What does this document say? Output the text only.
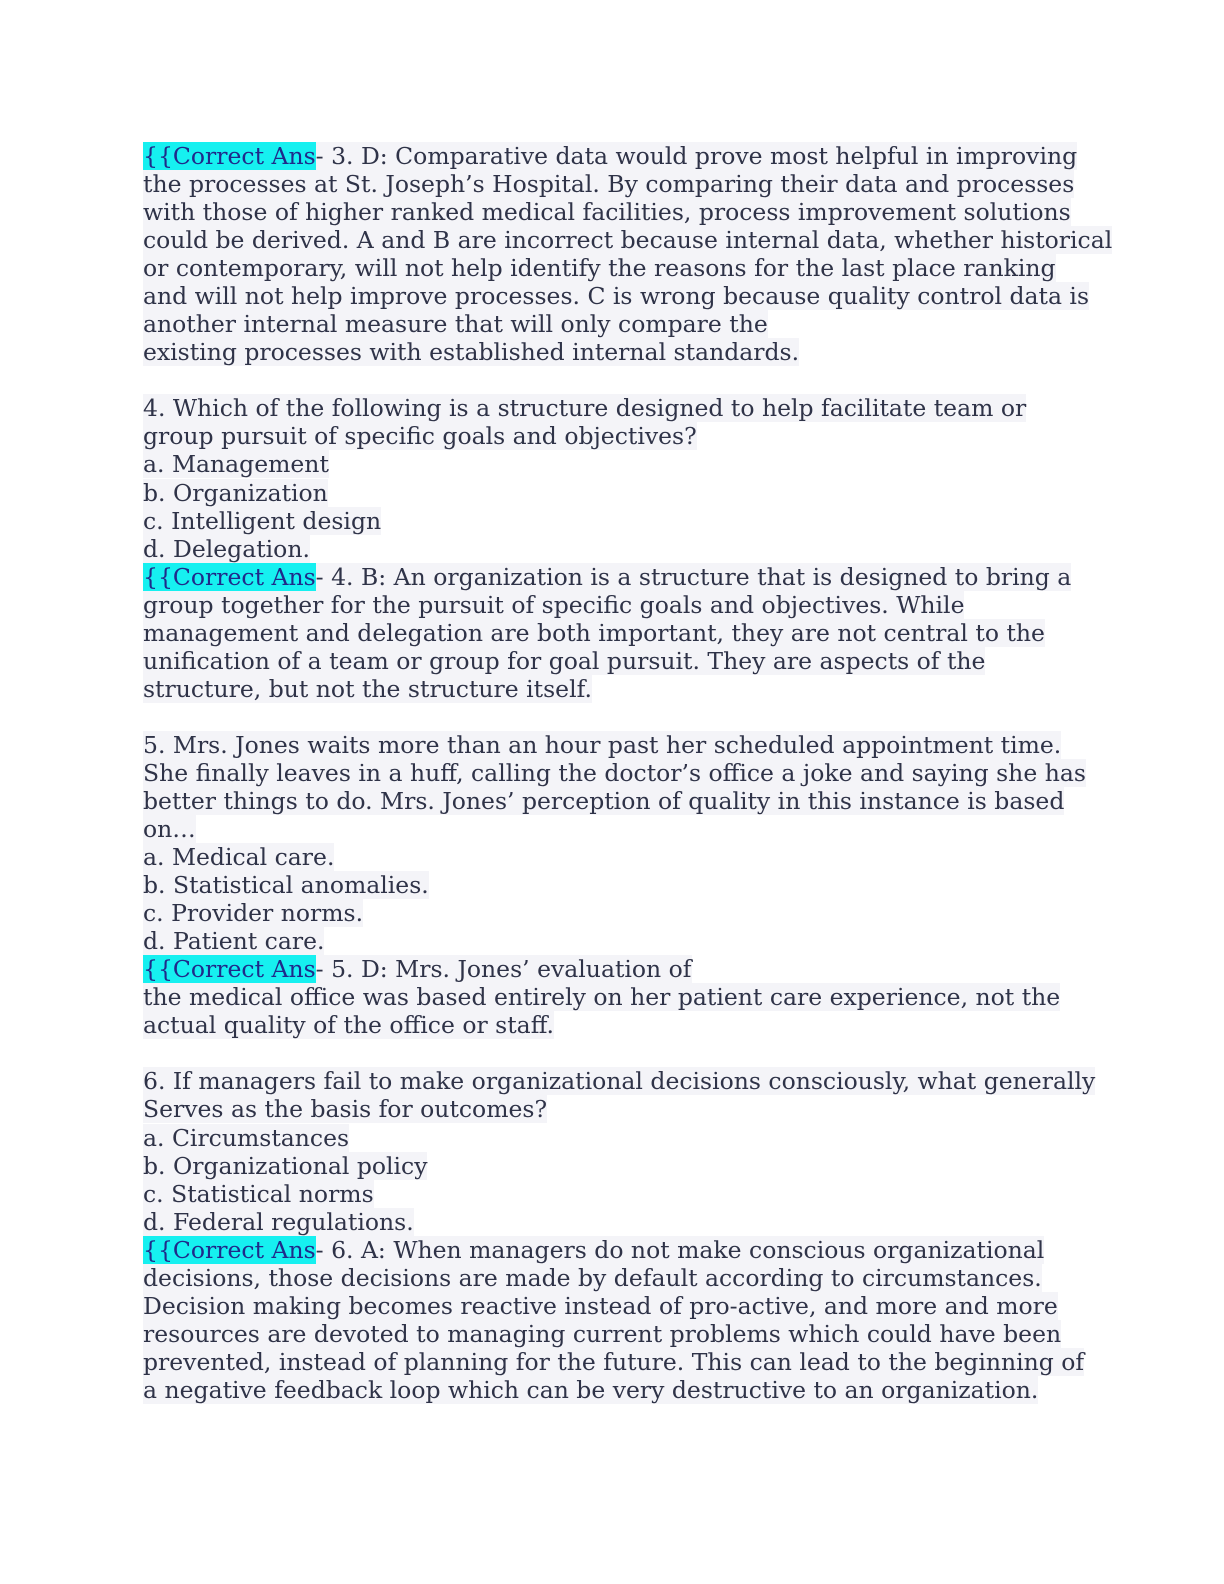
{{Correct Ans- 3. D: Comparative data would prove most helpful in improving
the processes at St. Joseph’s Hospital. By comparing their data and processes
with those of higher ranked medical facilities, process improvement solutions
could be derived. A and B are incorrect because internal data, whether historical
or contemporary, will not help identify the reasons for the last place ranking
and will not help improve processes. C is wrong because quality control data is
another internal measure that will only compare the
existing processes with established internal standards.
4. Which of the following is a structure designed to help facilitate team or
group pursuit of specific goals and objectives?
a. Management
b. Organization
c. Intelligent design
d. Delegation.
{{Correct Ans- 4. B: An organization is a structure that is designed to bring a
group together for the pursuit of specific goals and objectives. While
management and delegation are both important, they are not central to the
unification of a team or group for goal pursuit. They are aspects of the
structure, but not the structure itself.
5. Mrs. Jones waits more than an hour past her scheduled appointment time.
She finally leaves in a huff, calling the doctor’s office a joke and saying she has
better things to do. Mrs. Jones’ perception of quality in this instance is based
on…
a. Medical care.
b. Statistical anomalies.
c. Provider norms.
d. Patient care.
{{Correct Ans- 5. D: Mrs. Jones’ evaluation of
the medical office was based entirely on her patient care experience, not the
actual quality of the office or staff.
6. If managers fail to make organizational decisions consciously, what generally
Serves as the basis for outcomes?
a. Circumstances
b. Organizational policy
c. Statistical norms
d. Federal regulations.
{{Correct Ans- 6. A: When managers do not make conscious organizational
decisions, those decisions are made by default according to circumstances.
Decision making becomes reactive instead of pro-active, and more and more
resources are devoted to managing current problems which could have been
prevented, instead of planning for the future. This can lead to the beginning of
a negative feedback loop which can be very destructive to an organization.
